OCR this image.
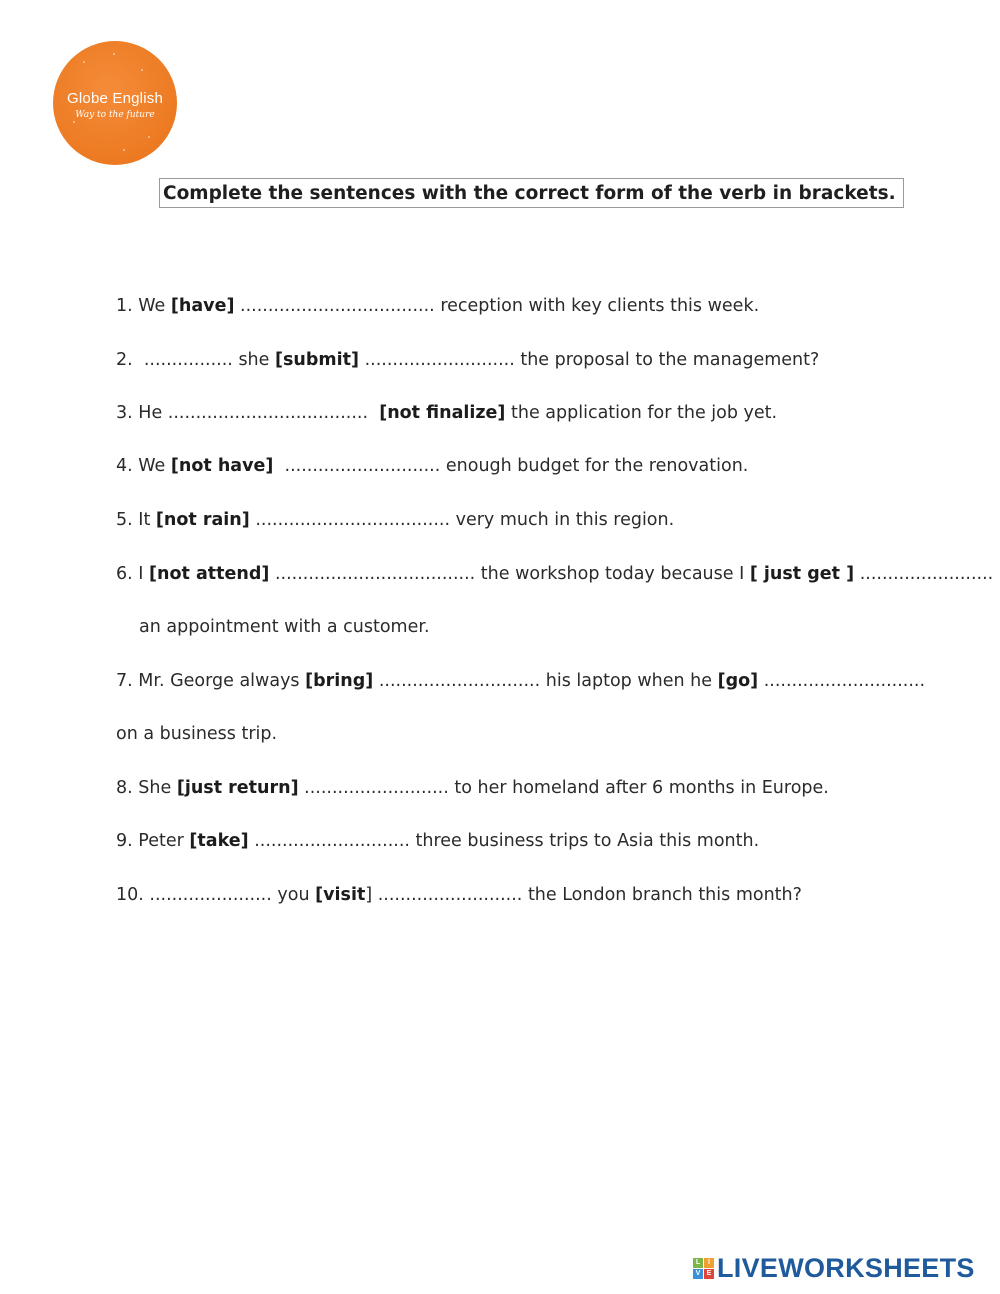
Globe English
Way to the future
Complete the sentences with the correct form of the verb in brackets.
1. We [have] ................................... reception with key clients this week.
2. ................ she [submit] ........................... the proposal to the management?
3. He .................................... [not finalize] the application for the job yet.
4. We [not have] ............................ enough budget for the renovation.
5. It [not rain] ................................... very much in this region.
6. I [not attend] .................................... the workshop today because I [ just get ] ........................
an appointment with a customer.
7. Mr. George always [bring] ............................. his laptop when he [go] .............................
on a business trip.
8. She [just return] .......................... to her homeland after 6 months in Europe.
9. Peter [take] ............................ three business trips to Asia this month.
10. ...................... you [visit] .......................... the London branch this month?
L	I
V E LIVEWORKSHEETS
